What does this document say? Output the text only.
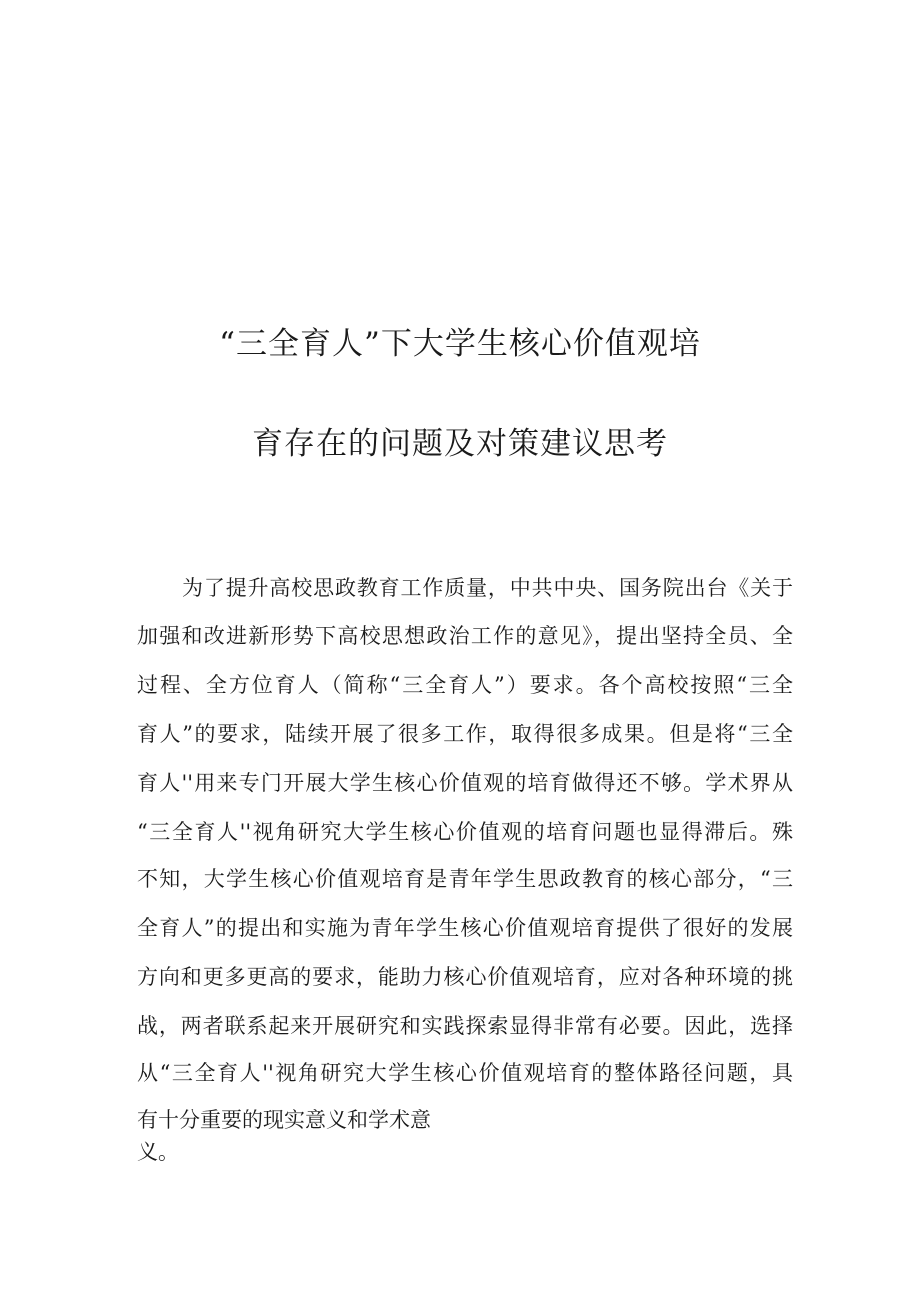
“三全育人”下大学生核心价值观培
育存在的问题及对策建议思考
为了提升高校思政教育工作质量，中共中央、国务院出台《关于
加强和改进新形势下高校思想政治工作的意见》，提出坚持全员、全
过程、全方位育人（简称“三全育人”）要求。各个高校按照“三全
育人”的要求，陆续开展了很多工作，取得很多成果。但是将“三全
育人''用来专门开展大学生核心价值观的培育做得还不够。学术界从
“三全育人''视角研究大学生核心价值观的培育问题也显得滞后。殊
不知，大学生核心价值观培育是青年学生思政教育的核心部分，“三
全育人”的提出和实施为青年学生核心价值观培育提供了很好的发展
方向和更多更高的要求，能助力核心价值观培育，应对各种环境的挑
战，两者联系起来开展研究和实践探索显得非常有必要。因此，选择
从“三全育人''视角研究大学生核心价值观培育的整体路径问题，具
有十分重要的现实意义和学术意
义。
